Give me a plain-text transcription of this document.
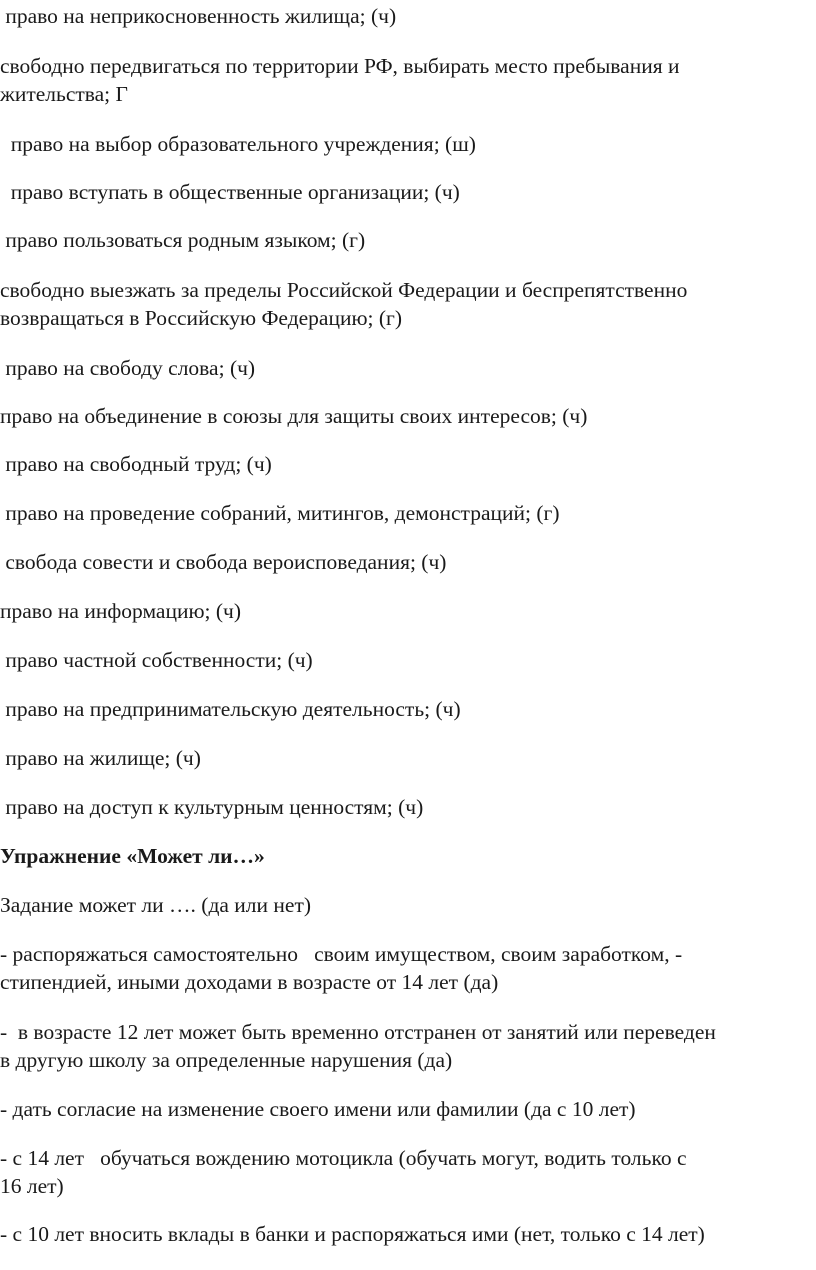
право на неприкосновенность жилища; (ч)

свободно передвигаться по территории РФ, выбирать место пребывания и
жительства; Г

право на выбор образовательного учреждения; (ш)

право вступать в общественные организации; (ч)

право пользоваться родным языком; (г)

свободно выезжать за пределы Российской Федерации и беспрепятственно
возвращаться в Российскую Федерацию; (г)

право на свободу слова; (ч)

право на объединение в союзы для защиты своих интересов; (ч)

право на свободный труд; (ч)

право на проведение собраний, митингов, демонстраций; (г)

свобода совести и свобода вероисповедания; (ч)

право на информацию; (ч)

право частной собственности; (ч)

право на предпринимательскую деятельность; (ч)

право на жилище; (ч)

право на доступ к культурным ценностям; (ч)

Упражнение «Может ли…»

Задание может ли …. (да или нет)

- распоряжаться самостоятельно   своим имуществом, своим заработком, -
стипендией, иными доходами в возрасте от 14 лет (да)

-  в возрасте 12 лет может быть временно отстранен от занятий или переведен
в другую школу за определенные нарушения (да)

- дать согласие на изменение своего имени или фамилии (да с 10 лет)

- с 14 лет   обучаться вождению мотоцикла (обучать могут, водить только с
16 лет)

- с 10 лет вносить вклады в банки и распоряжаться ими (нет, только с 14 лет)
